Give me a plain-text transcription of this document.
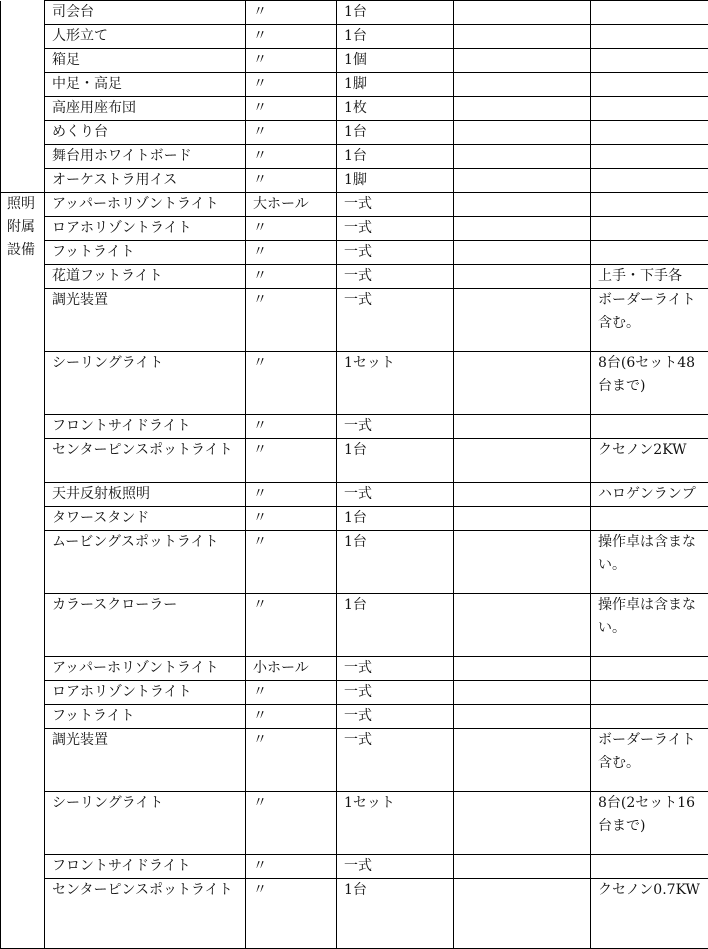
	司会台	〃	1台		
	人形立て	〃	1台		
	箱足	〃	1個		
	中足・高足	〃	1脚		
	高座用座布団	〃	1枚		
	めくり台	〃	1台		
	舞台用ホワイトボード	〃	1台		
	オーケストラ用イス	〃	1脚		
照明附属設備	アッパーホリゾントライト	大ホール	一式		
	ロアホリゾントライト	〃	一式		
	フットライト	〃	一式		
	花道フットライト	〃	一式		上手・下手各
	調光装置	〃	一式		ボーダーライト含む。
	シーリングライト	〃	1セット		8台(6セット48台まで)
	フロントサイドライト	〃	一式		
	センターピンスポットライト	〃	1台		クセノン2KW
	天井反射板照明	〃	一式		ハロゲンランプ
	タワースタンド	〃	1台		
	ムービングスポットライト	〃	1台		操作卓は含まない。
	カラースクローラー	〃	1台		操作卓は含まない。
	アッパーホリゾントライト	小ホール	一式		
	ロアホリゾントライト	〃	一式		
	フットライト	〃	一式		
	調光装置	〃	一式		ボーダーライト含む。
	シーリングライト	〃	1セット		8台(2セット16台まで)
	フロントサイドライト	〃	一式		
	センターピンスポットライト	〃	1台		クセノン0.7KW
